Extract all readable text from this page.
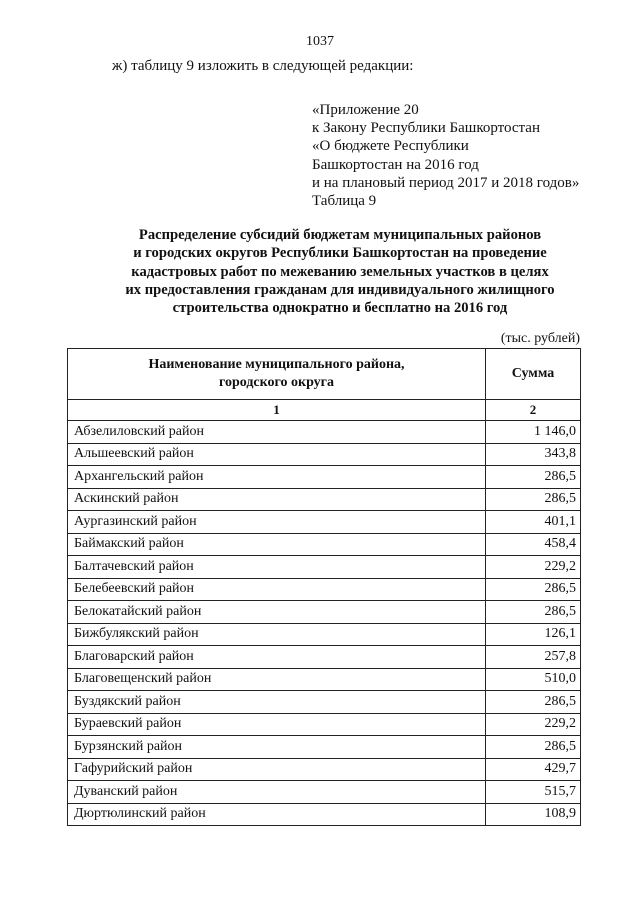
1037
ж) таблицу 9 изложить в следующей редакции:
«Приложение 20
к Закону Республики Башкортостан
«О бюджете Республики
Башкортостан на 2016 год
и на плановый период 2017 и 2018 годов»
Таблица 9
Распределение субсидий бюджетам муниципальных районов
и городских округов Республики Башкортостан на проведение
кадастровых работ по межеванию земельных участков в целях
их предоставления гражданам для индивидуального жилищного
строительства однократно и бесплатно на 2016 год
(тыс. рублей)
Наименование муниципального района,
городского округа	Сумма
1	2
Абзелиловский район	1 146,0
Альшеевский район	343,8
Архангельский район	286,5
Аскинский район	286,5
Аургазинский район	401,1
Баймакский район	458,4
Балтачевский район	229,2
Белебеевский район	286,5
Белокатайский район	286,5
Бижбулякский район	126,1
Благоварский район	257,8
Благовещенский район	510,0
Буздякский район	286,5
Бураевский район	229,2
Бурзянский район	286,5
Гафурийский район	429,7
Дуванский район	515,7
Дюртюлинский район	108,9
